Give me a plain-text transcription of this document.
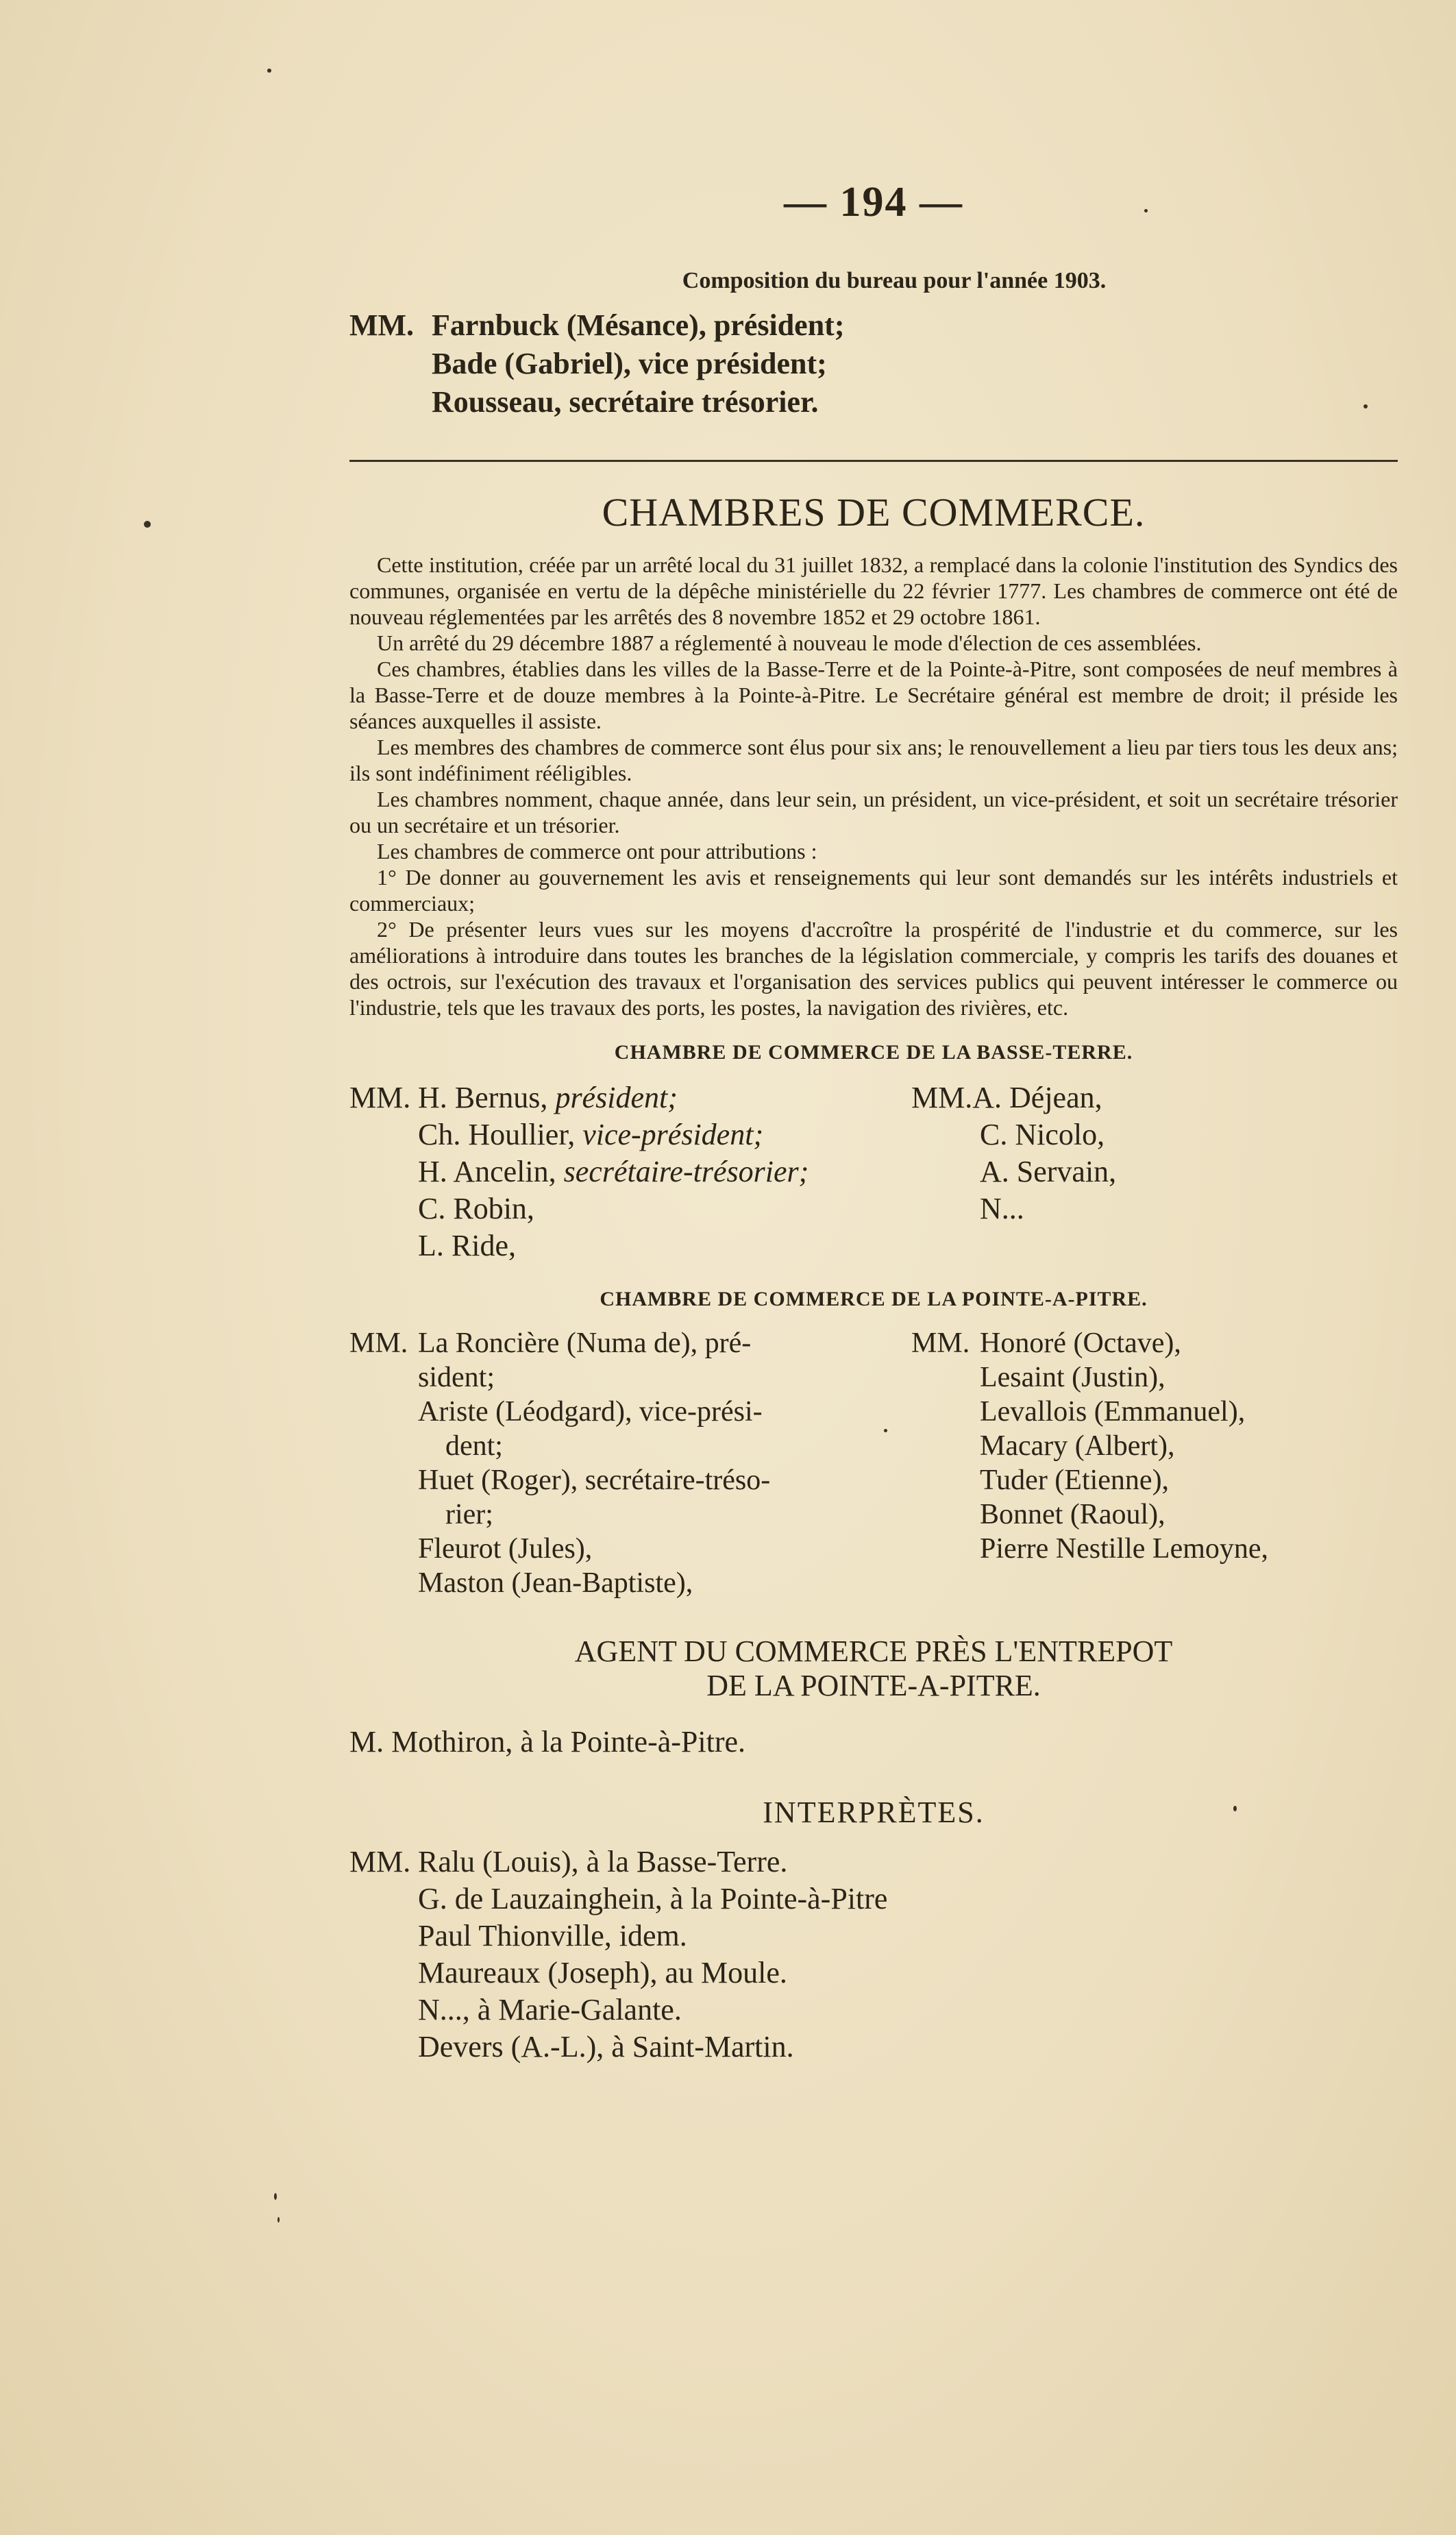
— 194 —
Composition du bureau pour l'année 1903.
MM. Farnbuck (Mésance), président;
Bade (Gabriel), vice président;
Rousseau, secrétaire trésorier.
CHAMBRES DE COMMERCE.

Cette institution, créée par un arrêté local du 31 juillet 1832, a remplacé dans la colonie l'institution des Syndics des communes, organisée en vertu de la dépêche ministérielle du 22 février 1777. Les chambres de commerce ont été de nouveau réglementées par les arrêtés des 8 novembre 1852 et 29 octobre 1861.

Un arrêté du 29 décembre 1887 a réglementé à nouveau le mode d'élection de ces assemblées.

Ces chambres, établies dans les villes de la Basse-Terre et de la Pointe-à-Pitre, sont composées de neuf membres à la Basse-Terre et de douze membres à la Pointe-à-Pitre. Le Secrétaire général est membre de droit; il préside les séances auxquelles il assiste.

Les membres des chambres de commerce sont élus pour six ans; le renouvellement a lieu par tiers tous les deux ans; ils sont indéfiniment rééligibles.

Les chambres nomment, chaque année, dans leur sein, un président, un vice-président, et soit un secrétaire trésorier ou un secrétaire et un trésorier.

Les chambres de commerce ont pour attributions :

1° De donner au gouvernement les avis et renseignements qui leur sont demandés sur les intérêts industriels et commerciaux;

2° De présenter leurs vues sur les moyens d'accroître la prospérité de l'industrie et du commerce, sur les améliorations à introduire dans toutes les branches de la législation commerciale, y compris les tarifs des douanes et des octrois, sur l'exécution des travaux et l'organisation des services publics qui peuvent intéresser le commerce ou l'industrie, tels que les travaux des ports, les postes, la navigation des rivières, etc.

CHAMBRE DE COMMERCE DE LA BASSE-TERRE.
MM. H. Bernus, président;
Ch. Houllier, vice-président;
H. Ancelin, secrétaire-trésorier;
C. Robin,
L. Ride,
MM.A. Déjean,
C. Nicolo,
A. Servain,
N...
CHAMBRE DE COMMERCE DE LA POINTE-A-PITRE.
MM. La Roncière (Numa de), pré-
sident;
Ariste (Léodgard), vice-prési-
dent;
Huet (Roger), secrétaire-tréso-
rier;
Fleurot (Jules),
Maston (Jean-Baptiste),
MM. Honoré (Octave),
Lesaint (Justin),
Levallois (Emmanuel),
Macary (Albert),
Tuder (Etienne),
Bonnet (Raoul),
Pierre Nestille Lemoyne,
AGENT DU COMMERCE PRÈS L'ENTREPOT
DE LA POINTE-A-PITRE.
M. Mothiron, à la Pointe-à-Pitre.
INTERPRÈTES.
MM. Ralu (Louis), à la Basse-Terre.
G. de Lauzainghein, à la Pointe-à-Pitre
Paul Thionville, idem.
Maureaux (Joseph), au Moule.
N..., à Marie-Galante.
Devers (A.-L.), à Saint-Martin.
